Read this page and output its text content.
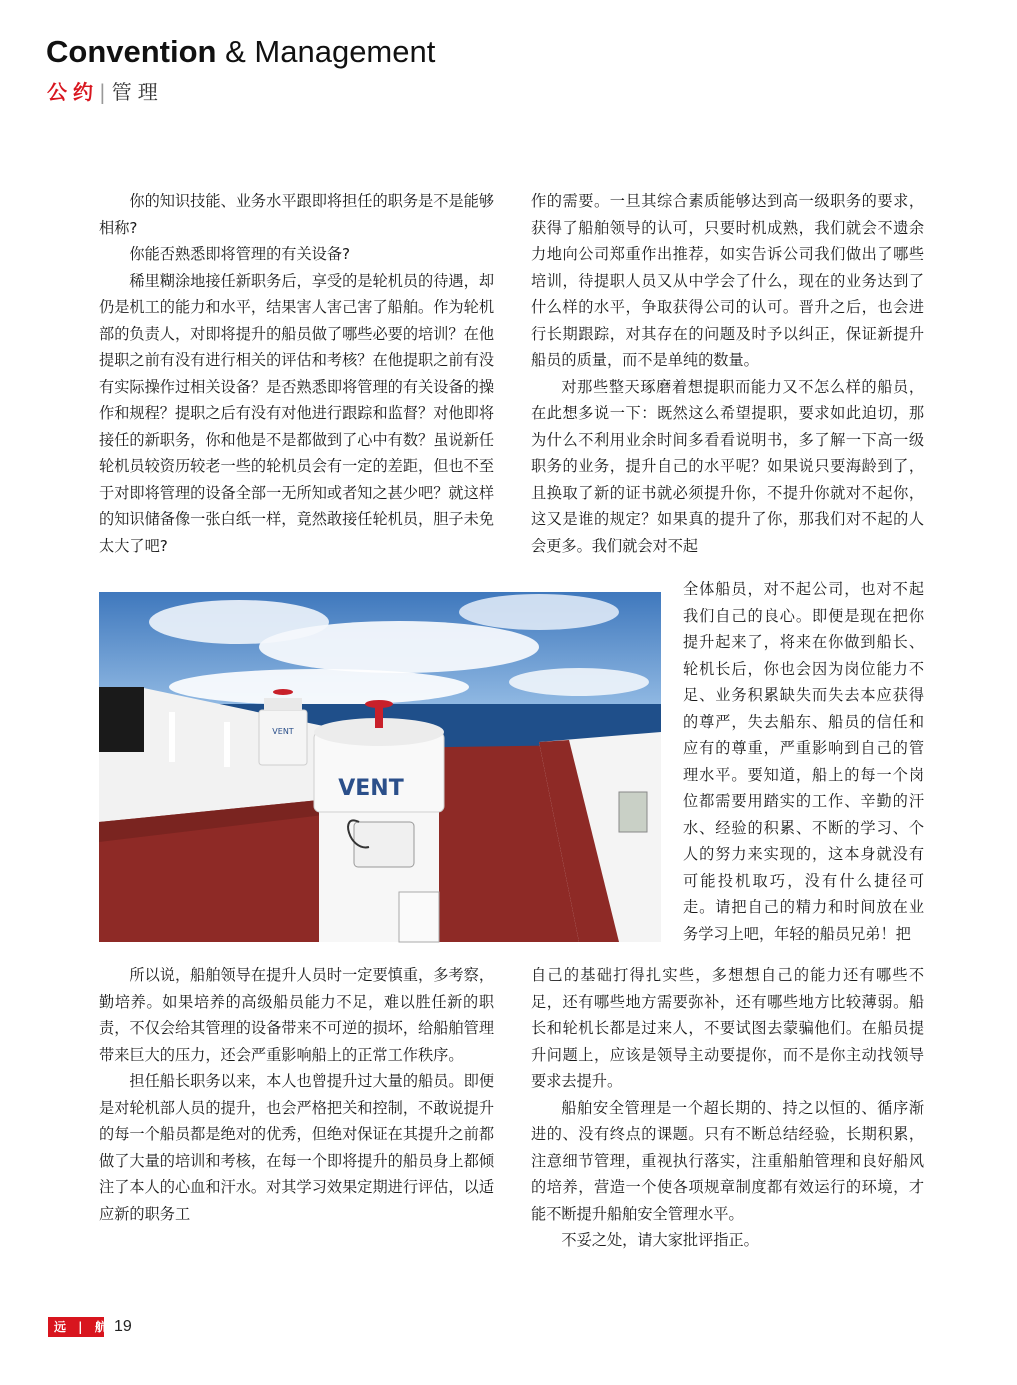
Convention & Management
公约| 管理

你的知识技能、业务水平跟即将担任的职务是不是能够相称?

你能否熟悉即将管理的有关设备?

稀里糊涂地接任新职务后，享受的是轮机员的待遇，却仍是机工的能力和水平，结果害人害己害了船舶。作为轮机部的负责人，对即将提升的船员做了哪些必要的培训？在他提职之前有没有进行相关的评估和考核？在他提职之前有没有实际操作过相关设备？是否熟悉即将管理的有关设备的操作和规程？提职之后有没有对他进行跟踪和监督？对他即将接任的新职务，你和他是不是都做到了心中有数？虽说新任轮机员较资历较老一些的轮机员会有一定的差距，但也不至于对即将管理的设备全部一无所知或者知之甚少吧？就这样的知识储备像一张白纸一样，竟然敢接任轮机员，胆子未免太大了吧?

VENT
VENT

所以说，船舶领导在提升人员时一定要慎重，多考察，勤培养。如果培养的高级船员能力不足，难以胜任新的职责，不仅会给其管理的设备带来不可逆的损坏，给船舶管理带来巨大的压力，还会严重影响船上的正常工作秩序。

担任船长职务以来，本人也曾提升过大量的船员。即便是对轮机部人员的提升，也会严格把关和控制，不敢说提升的每一个船员都是绝对的优秀，但绝对保证在其提升之前都做了大量的培训和考核，在每一个即将提升的船员身上都倾注了本人的心血和汗水。对其学习效果定期进行评估，以适应新的职务工

作的需要。一旦其综合素质能够达到高一级职务的要求，获得了船舶领导的认可，只要时机成熟，我们就会不遗余力地向公司郑重作出推荐，如实告诉公司我们做出了哪些培训，待提职人员又从中学会了什么，现在的业务达到了什么样的水平，争取获得公司的认可。晋升之后，也会进行长期跟踪，对其存在的问题及时予以纠正，保证新提升船员的质量，而不是单纯的数量。

对那些整天琢磨着想提职而能力又不怎么样的船员，在此想多说一下：既然这么希望提职，要求如此迫切，那为什么不利用业余时间多看看说明书，多了解一下高一级职务的业务，提升自己的水平呢？如果说只要海龄到了，且换取了新的证书就必须提升你，不提升你就对不起你，这又是谁的规定？如果真的提升了你，那我们对不起的人会更多。我们就会对不起

全体船员，对不起公司，也对不起我们自己的良心。即便是现在把你提升起来了，将来在你做到船长、轮机长后，你也会因为岗位能力不足、业务积累缺失而失去本应获得的尊严，失去船东、船员的信任和应有的尊重，严重影响到自己的管理水平。要知道，船上的每一个岗位都需要用踏实的工作、辛勤的汗水、经验的积累、不断的学习、个人的努力来实现的，这本身就没有可能投机取巧，没有什么捷径可走。请把自己的精力和时间放在业务学习上吧，年轻的船员兄弟！把

自己的基础打得扎实些，多想想自己的能力还有哪些不足，还有哪些地方需要弥补，还有哪些地方比较薄弱。船长和轮机长都是过来人，不要试图去蒙骗他们。在船员提升问题上，应该是领导主动要提你，而不是你主动找领导要求去提升。

船舶安全管理是一个超长期的、持之以恒的、循序渐进的、没有终点的课题。只有不断总结经验，长期积累，注意细节管理，重视执行落实，注重船舶管理和良好船风的培养，营造一个使各项规章制度都有效运行的环境，才能不断提升船舶安全管理水平。

不妥之处，请大家批评指正。

远 | 航 19
